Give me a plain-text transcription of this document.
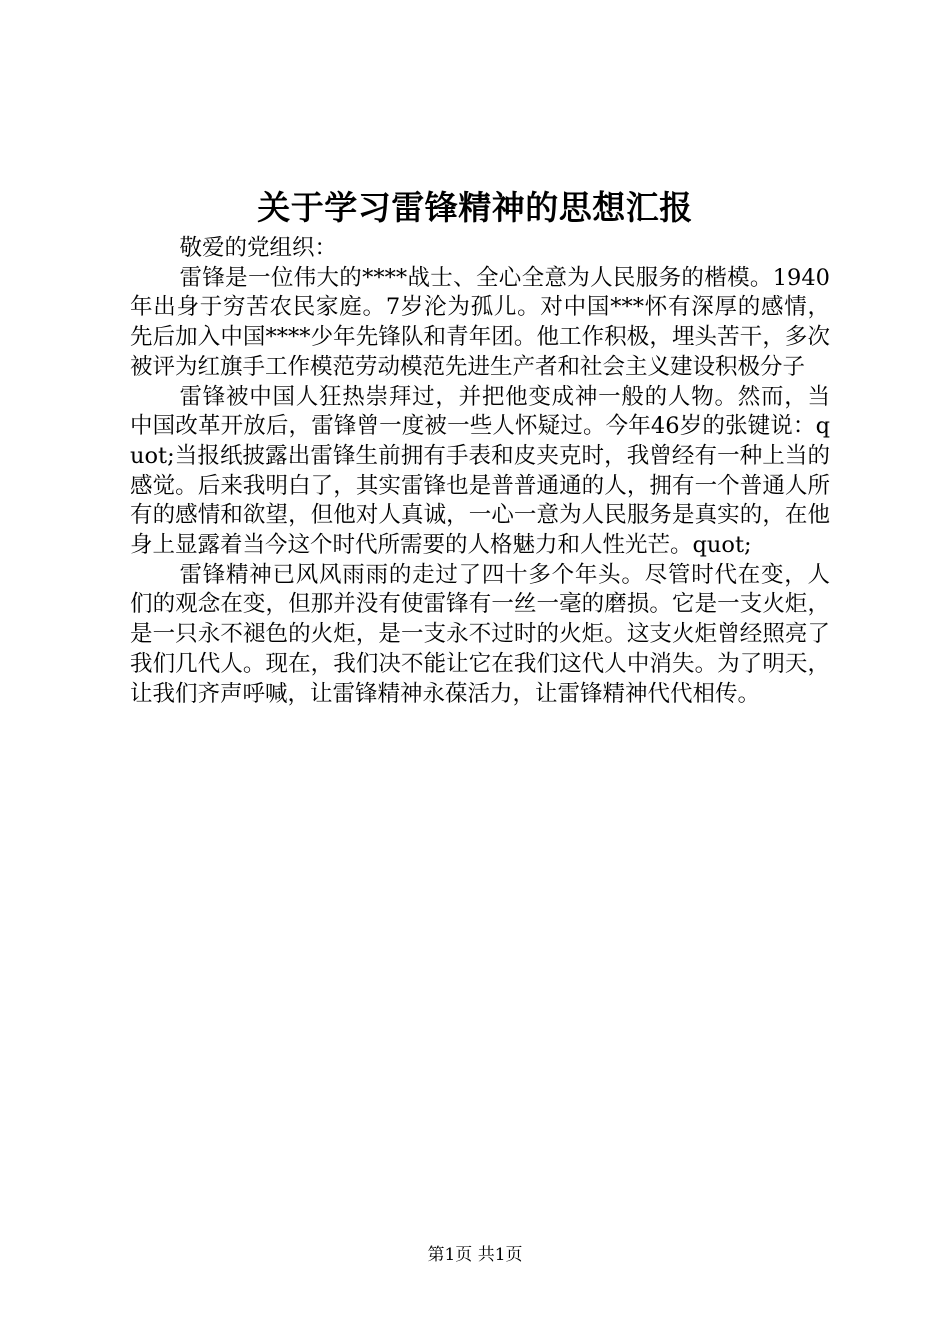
关于学习雷锋精神的思想汇报

敬爱的党组织：

雷锋是一位伟大的****战士、全心全意为人民服务的楷模。1940年出身于穷苦农民家庭。7岁沦为孤儿。对中国***怀有深厚的感情，先后加入中国****少年先锋队和青年团。他工作积极，埋头苦干，多次被评为红旗手工作模范劳动模范先进生产者和社会主义建设积极分子

雷锋被中国人狂热崇拜过，并把他变成神一般的人物。然而，当中国改革开放后，雷锋曾一度被一些人怀疑过。今年46岁的张键说：quot;当报纸披露出雷锋生前拥有手表和皮夹克时，我曾经有一种上当的感觉。后来我明白了，其实雷锋也是普普通通的人，拥有一个普通人所有的感情和欲望，但他对人真诚，一心一意为人民服务是真实的，在他身上显露着当今这个时代所需要的人格魅力和人性光芒。quot;

雷锋精神已风风雨雨的走过了四十多个年头。尽管时代在变，人们的观念在变，但那并没有使雷锋有一丝一毫的磨损。它是一支火炬，是一只永不褪色的火炬，是一支永不过时的火炬。这支火炬曾经照亮了我们几代人。现在，我们决不能让它在我们这代人中消失。为了明天，让我们齐声呼喊，让雷锋精神永葆活力，让雷锋精神代代相传。

第1页 共1页
